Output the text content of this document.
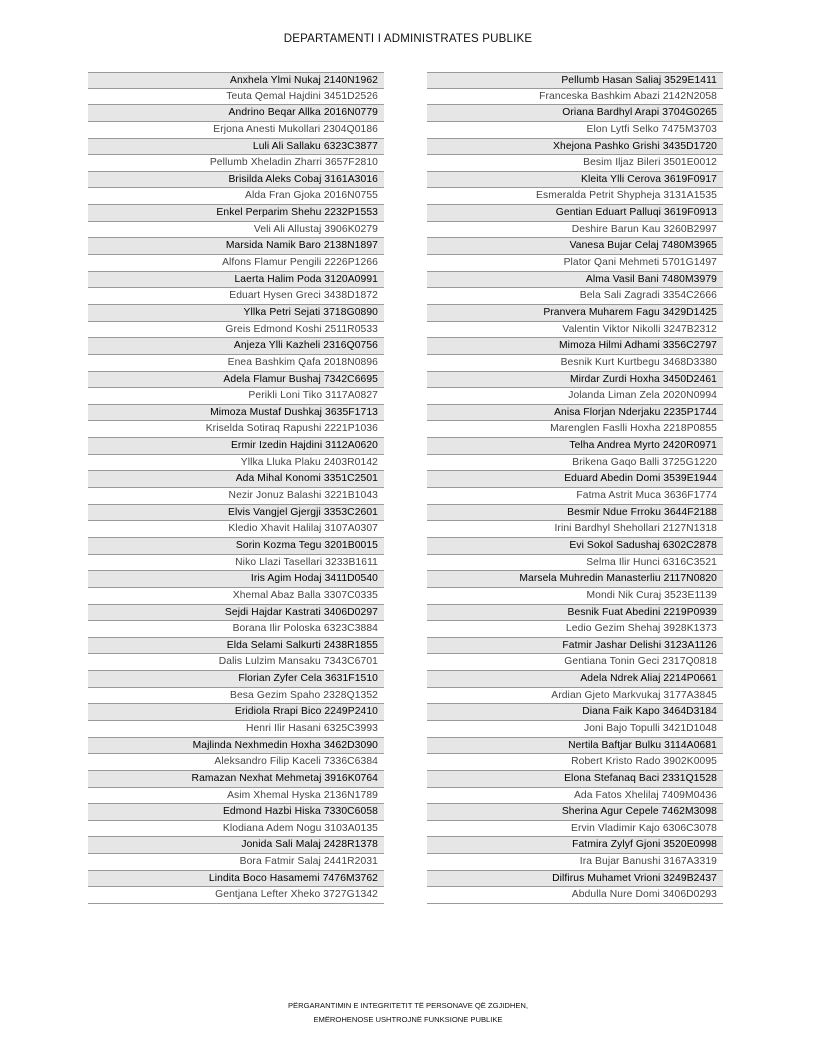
DEPARTAMENTI I ADMINISTRATES PUBLIKE
Anxhela Ylmi Nukaj 2140N1962
Teuta Qemal Hajdini 3451D2526
Andrino Beqar Allka 2016N0779
Erjona Anesti Mukollari 2304Q0186
Luli Ali Sallaku 6323C3877
Pellumb Xheladin Zharri 3657F2810
Brisilda Aleks Cobaj 3161A3016
Alda Fran Gjoka 2016N0755
Enkel Perparim Shehu 2232P1553
Veli Ali Allustaj 3906K0279
Marsida Namik Baro 2138N1897
Alfons Flamur Pengili 2226P1266
Laerta Halim Poda 3120A0991
Eduart Hysen Greci 3438D1872
Yllka Petri Sejati 3718G0890
Greis Edmond Koshi 2511R0533
Anjeza Ylli Kazheli 2316Q0756
Enea Bashkim Qafa 2018N0896
Adela Flamur Bushaj 7342C6695
Perikli Loni Tiko 3117A0827
Mimoza Mustaf Dushkaj 3635F1713
Kriselda Sotiraq Rapushi 2221P1036
Ermir Izedin Hajdini 3112A0620
Yllka Lluka Plaku 2403R0142
Ada Mihal Konomi 3351C2501
Nezir Jonuz Balashi 3221B1043
Elvis Vangjel Gjergji 3353C2601
Kledio Xhavit Halilaj 3107A0307
Sorin Kozma Tegu 3201B0015
Niko Llazi Tasellari 3233B1611
Iris Agim Hodaj 3411D0540
Xhemal Abaz Balla 3307C0335
Sejdi Hajdar Kastrati 3406D0297
Borana Ilir Poloska 6323C3884
Elda Selami Salkurti 2438R1855
Dalis Lulzim Mansaku 7343C6701
Florian Zyfer Cela 3631F1510
Besa Gezim Spaho 2328Q1352
Eridiola Rrapi Bico 2249P2410
Henri Ilir Hasani 6325C3993
Majlinda Nexhmedin Hoxha 3462D3090
Aleksandro Filip Kaceli 7336C6384
Ramazan Nexhat Mehmetaj 3916K0764
Asim Xhemal Hyska 2136N1789
Edmond Hazbi Hiska 7330C6058
Klodiana Adem Nogu 3103A0135
Jonida Sali Malaj 2428R1378
Bora Fatmir Salaj 2441R2031
Lindita Boco Hasamemi 7476M3762
Gentjana Lefter Xheko 3727G1342
Pellumb Hasan Saliaj 3529E1411
Franceska Bashkim Abazi 2142N2058
Oriana Bardhyl Arapi 3704G0265
Elon Lytfi Selko 7475M3703
Xhejona Pashko Grishi 3435D1720
Besim Iljaz Bileri 3501E0012
Kleita Ylli Cerova 3619F0917
Esmeralda Petrit Shypheja 3131A1535
Gentian Eduart Palluqi 3619F0913
Deshire Barun Kau 3260B2997
Vanesa Bujar Celaj 7480M3965
Plator Qani Mehmeti 5701G1497
Alma Vasil Bani 7480M3979
Bela Sali Zagradi 3354C2666
Pranvera Muharem Fagu 3429D1425
Valentin Viktor Nikolli 3247B2312
Mimoza Hilmi Adhami 3356C2797
Besnik Kurt Kurtbegu 3468D3380
Mirdar Zurdi Hoxha 3450D2461
Jolanda Liman Zela 2020N0994
Anisa Florjan Nderjaku 2235P1744
Marenglen Faslli Hoxha 2218P0855
Telha Andrea Myrto 2420R0971
Brikena Gaqo Balli 3725G1220
Eduard Abedin Domi 3539E1944
Fatma Astrit Muca 3636F1774
Besmir Ndue Frroku 3644F2188
Irini Bardhyl Shehollari 2127N1318
Evi Sokol Sadushaj 6302C2878
Selma Ilir Hunci 6316C3521
Marsela Muhredin Manasterliu 2117N0820
Mondi Nik Curaj 3523E1139
Besnik Fuat Abedini 2219P0939
Ledio Gezim Shehaj 3928K1373
Fatmir Jashar Delishi 3123A1126
Gentiana Tonin Geci 2317Q0818
Adela Ndrek Aliaj 2214P0661
Ardian Gjeto Markvukaj 3177A3845
Diana Faik Kapo 3464D3184
Joni Bajo Topulli 3421D1048
Nertila Baftjar Bulku 3114A0681
Robert Kristo Rado 3902K0095
Elona Stefanaq Baci 2331Q1528
Ada Fatos Xhelilaj 7409M0436
Sherina Agur Cepele 7462M3098
Ervin Vladimir Kajo 6306C3078
Fatmira Zylyf Gjoni 3520E0998
Ira Bujar Banushi 3167A3319
Dilfirus Muhamet Vrioni 3249B2437
Abdulla Nure Domi 3406D0293
PËRGARANTIMIN E INTEGRITETIT TË PERSONAVE QË ZGJIDHEN,
EMËROHENOSE USHTROJNË FUNKSIONE PUBLIKE
